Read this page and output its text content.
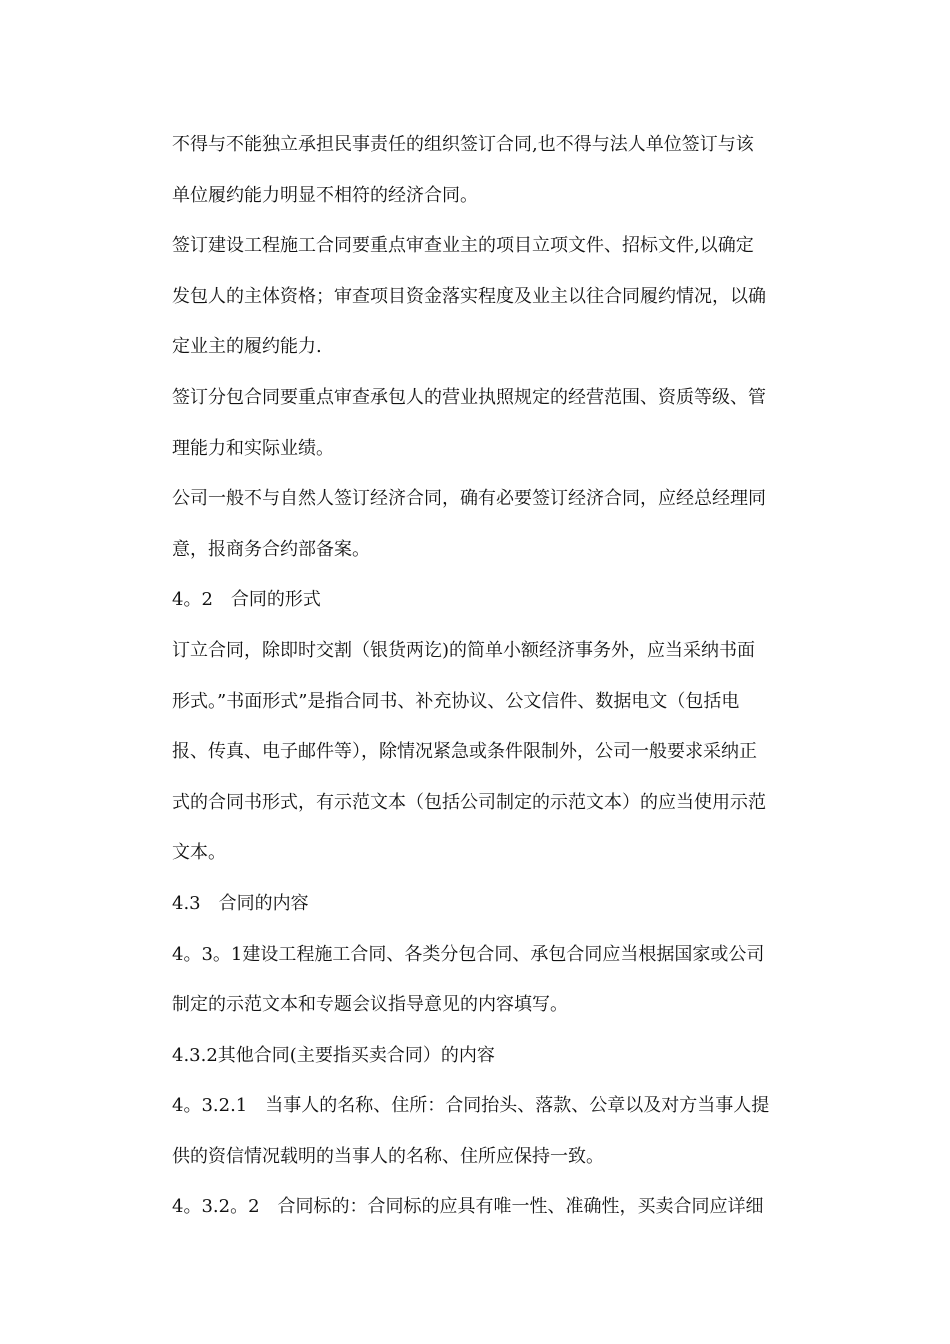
不得与不能独立承担民事责任的组织签订合同,也不得与法人单位签订与该
单位履约能力明显不相符的经济合同。
签订建设工程施工合同要重点审查业主的项目立项文件、招标文件,以确定
发包人的主体资格；审查项目资金落实程度及业主以往合同履约情况，以确
定业主的履约能力.
签订分包合同要重点审查承包人的营业执照规定的经营范围、资质等级、管
理能力和实际业绩。
公司一般不与自然人签订经济合同，确有必要签订经济合同，应经总经理同
意，报商务合约部备案。
4。2　合同的形式
订立合同，除即时交割（银货两讫)的简单小额经济事务外，应当采纳书面
形式。”书面形式”是指合同书、补充协议、公文信件、数据电文（包括电
报、传真、电子邮件等），除情况紧急或条件限制外，公司一般要求采纳正
式的合同书形式，有示范文本（包括公司制定的示范文本）的应当使用示范
文本。
4.3　合同的内容
4。3。1建设工程施工合同、各类分包合同、承包合同应当根据国家或公司
制定的示范文本和专题会议指导意见的内容填写。
4.3.2其他合同(主要指买卖合同）的内容
4。3.2.1　当事人的名称、住所：合同抬头、落款、公章以及对方当事人提
供的资信情况载明的当事人的名称、住所应保持一致。
4。3.2。2　合同标的：合同标的应具有唯一性、准确性，买卖合同应详细
